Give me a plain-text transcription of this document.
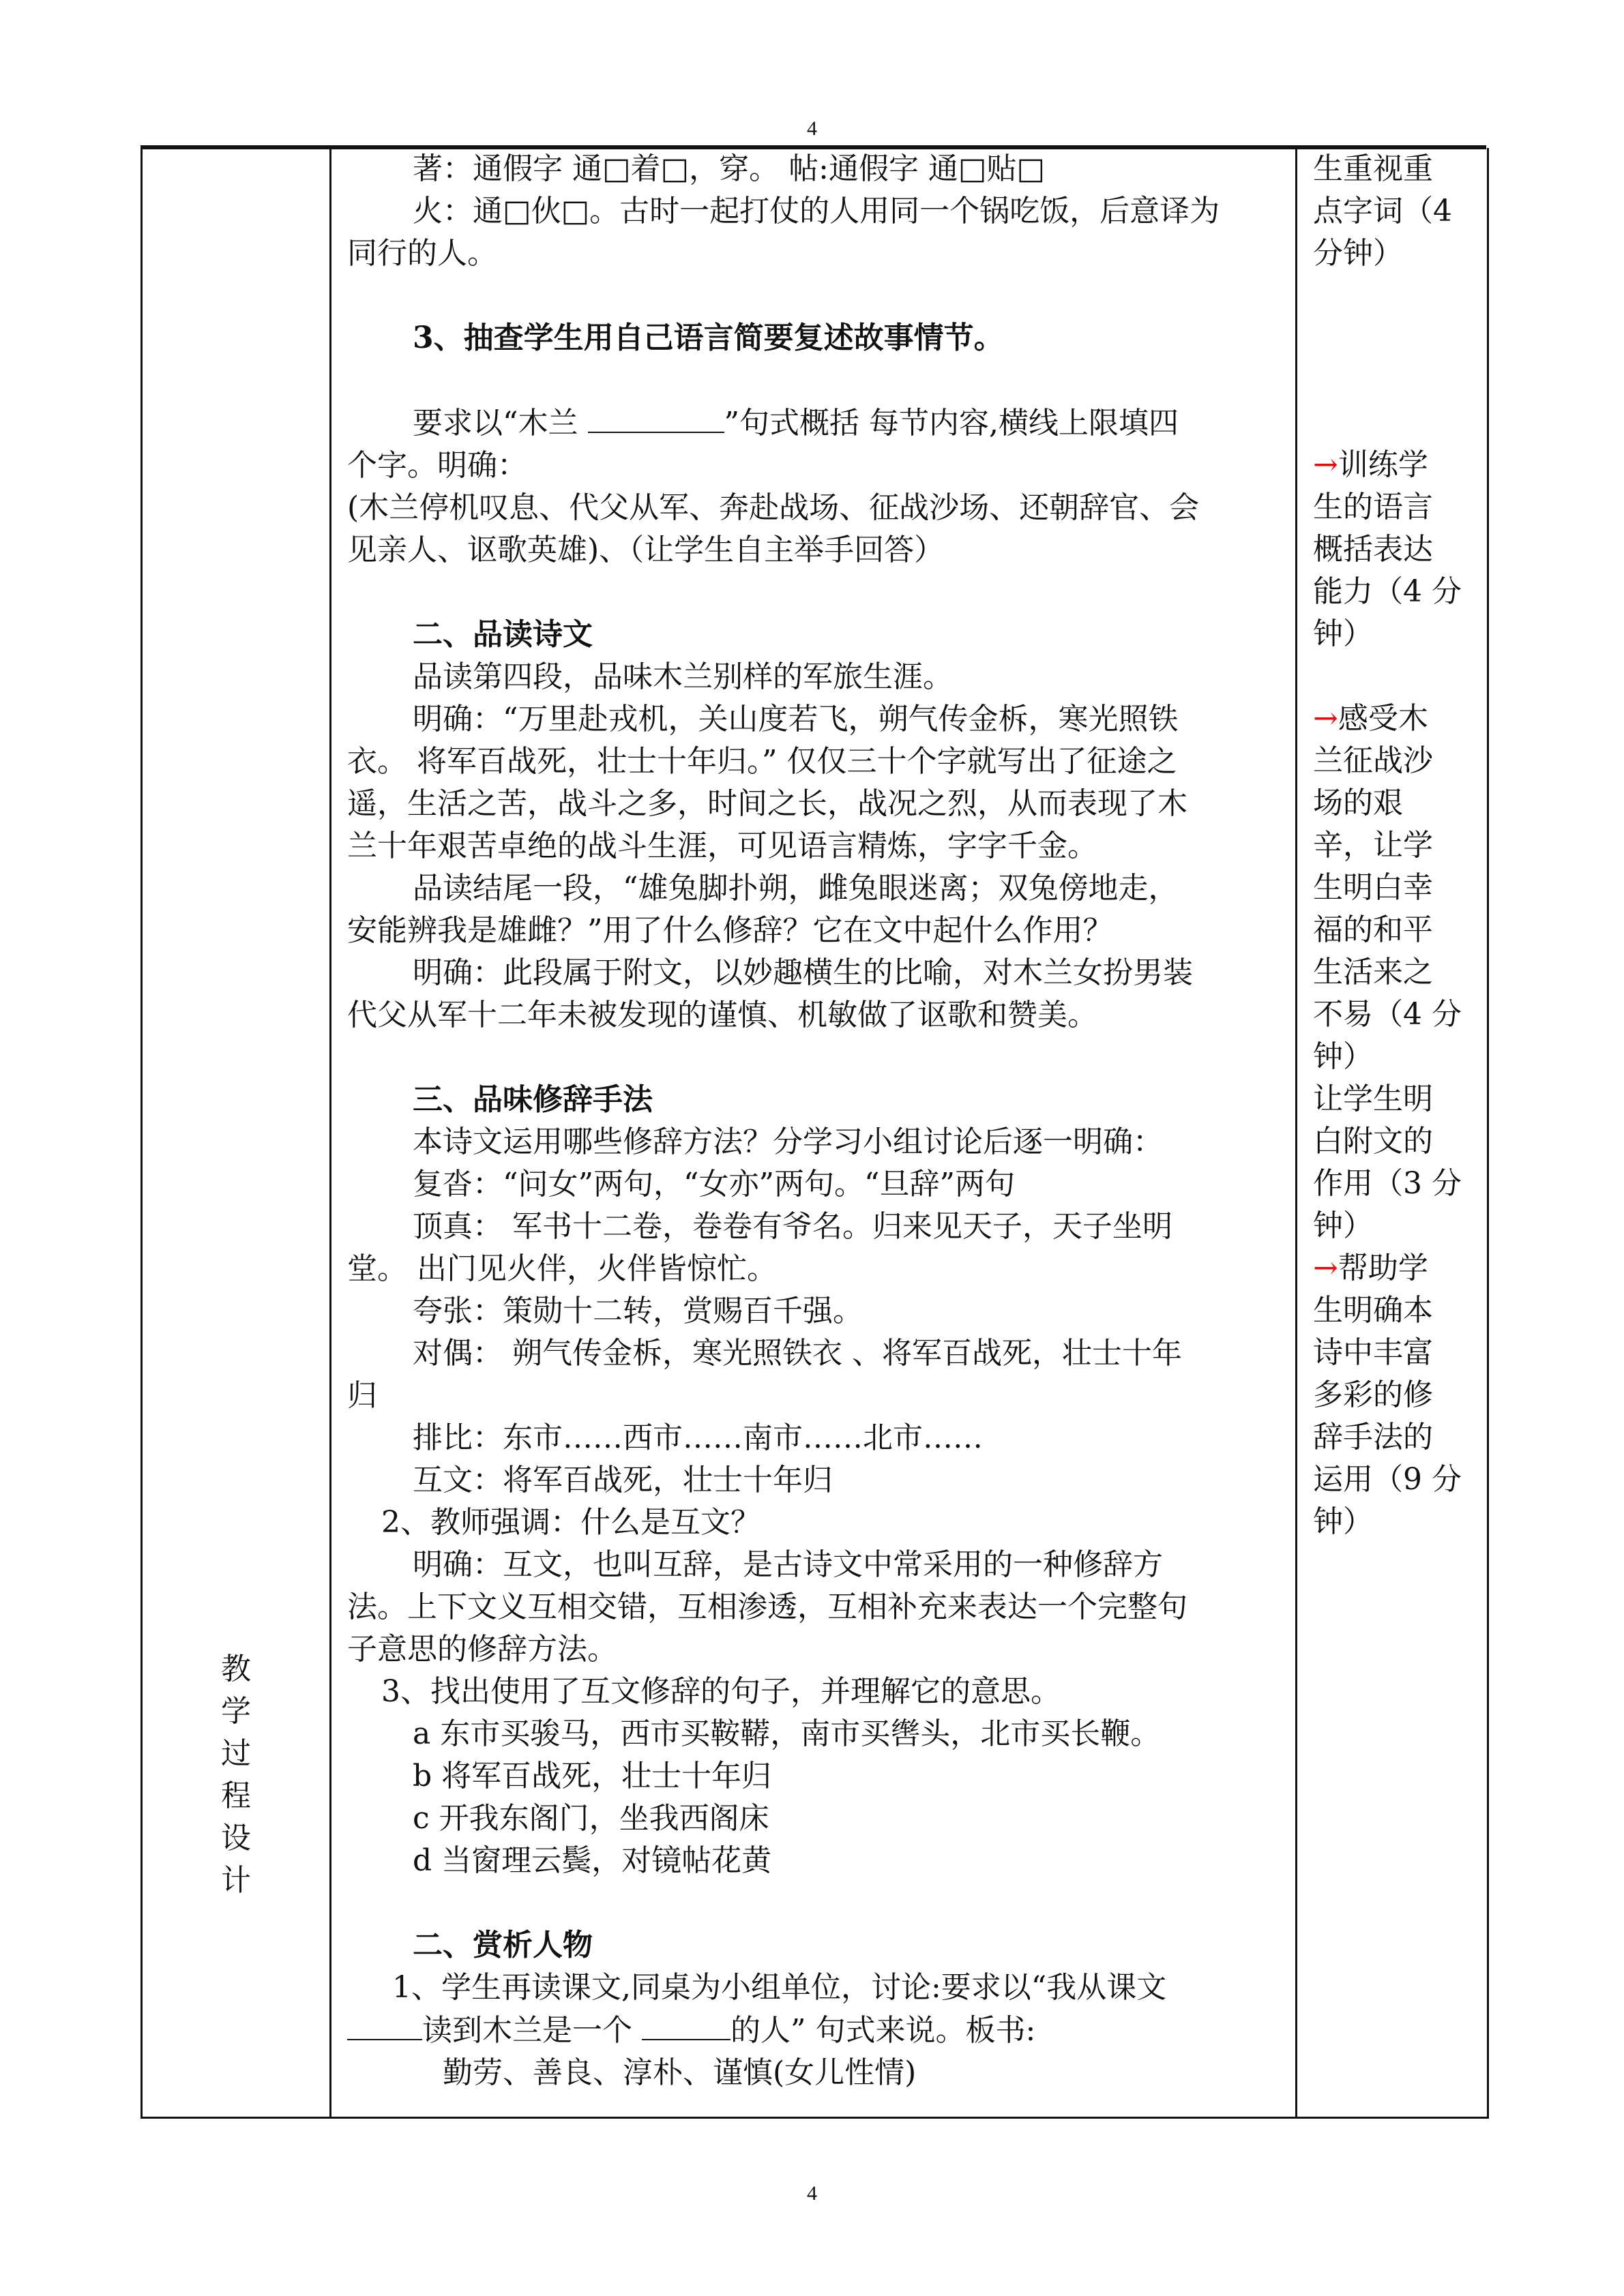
4
教
学
过
程
设
计

著：通假字 通□着□，穿。 帖:通假字 通□贴□

火：通□伙□。古时一起打仗的人用同一个锅吃饭，后意译为

同行的人。

3、抽查学生用自己语言简要复述故事情节。

要求以“木兰	”句式概括 每节内容,横线上限填四

个字。明确：

(木兰停机叹息、代父从军、奔赴战场、征战沙场、还朝辞官、会

见亲人、讴歌英雄)、（让学生自主举手回答）

二、品读诗文

品读第四段，品味木兰别样的军旅生涯。

明确：“万里赴戎机，关山度若飞，朔气传金柝，寒光照铁

衣。 将军百战死，壮士十年归。” 仅仅三十个字就写出了征途之

遥，生活之苦，战斗之多，时间之长，战况之烈，从而表现了木

兰十年艰苦卓绝的战斗生涯，可见语言精炼，字字千金。

品读结尾一段，“雄兔脚扑朔，雌兔眼迷离；双兔傍地走，

安能辨我是雄雌？”用了什么修辞？它在文中起什么作用？

明确：此段属于附文，以妙趣横生的比喻，对木兰女扮男装

代父从军十二年未被发现的谨慎、机敏做了讴歌和赞美。

三、品味修辞手法

本诗文运用哪些修辞方法？分学习小组讨论后逐一明确：

复沓：“问女”两句，“女亦”两句。“旦辞”两句

顶真： 军书十二卷，卷卷有爷名。归来见天子，天子坐明

堂。 出门见火伴，火伴皆惊忙。

夸张：策勋十二转，赏赐百千强。

对偶： 朔气传金柝，寒光照铁衣 、将军百战死，壮士十年

归

排比：东市……西市……南市……北市……

互文：将军百战死，壮士十年归

2、教师强调：什么是互文？

明确：互文，也叫互辞，是古诗文中常采用的一种修辞方

法。上下文义互相交错，互相渗透，互相补充来表达一个完整句

子意思的修辞方法。

3、找出使用了互文修辞的句子，并理解它的意思。

a 东市买骏马，西市买鞍鞯，南市买辔头，北市买长鞭。

b 将军百战死，壮士十年归

c 开我东阁门，坐我西阁床

d 当窗理云鬓，对镜帖花黄

二、赏析人物

1、学生再读课文,同桌为小组单位，讨论:要求以“我从课文

读到木兰是一个	的人” 句式来说。板书:

勤劳、善良、淳朴、谨慎(女儿性情)

生重视重

点字词（4

分钟）

→训练学

生的语言

概括表达

能力（4 分

钟）

→感受木

兰征战沙

场的艰

辛，让学

生明白幸

福的和平

生活来之

不易（4 分

钟）

让学生明

白附文的

作用（3 分

钟）

→帮助学

生明确本

诗中丰富

多彩的修

辞手法的

运用（9 分

钟）

4
